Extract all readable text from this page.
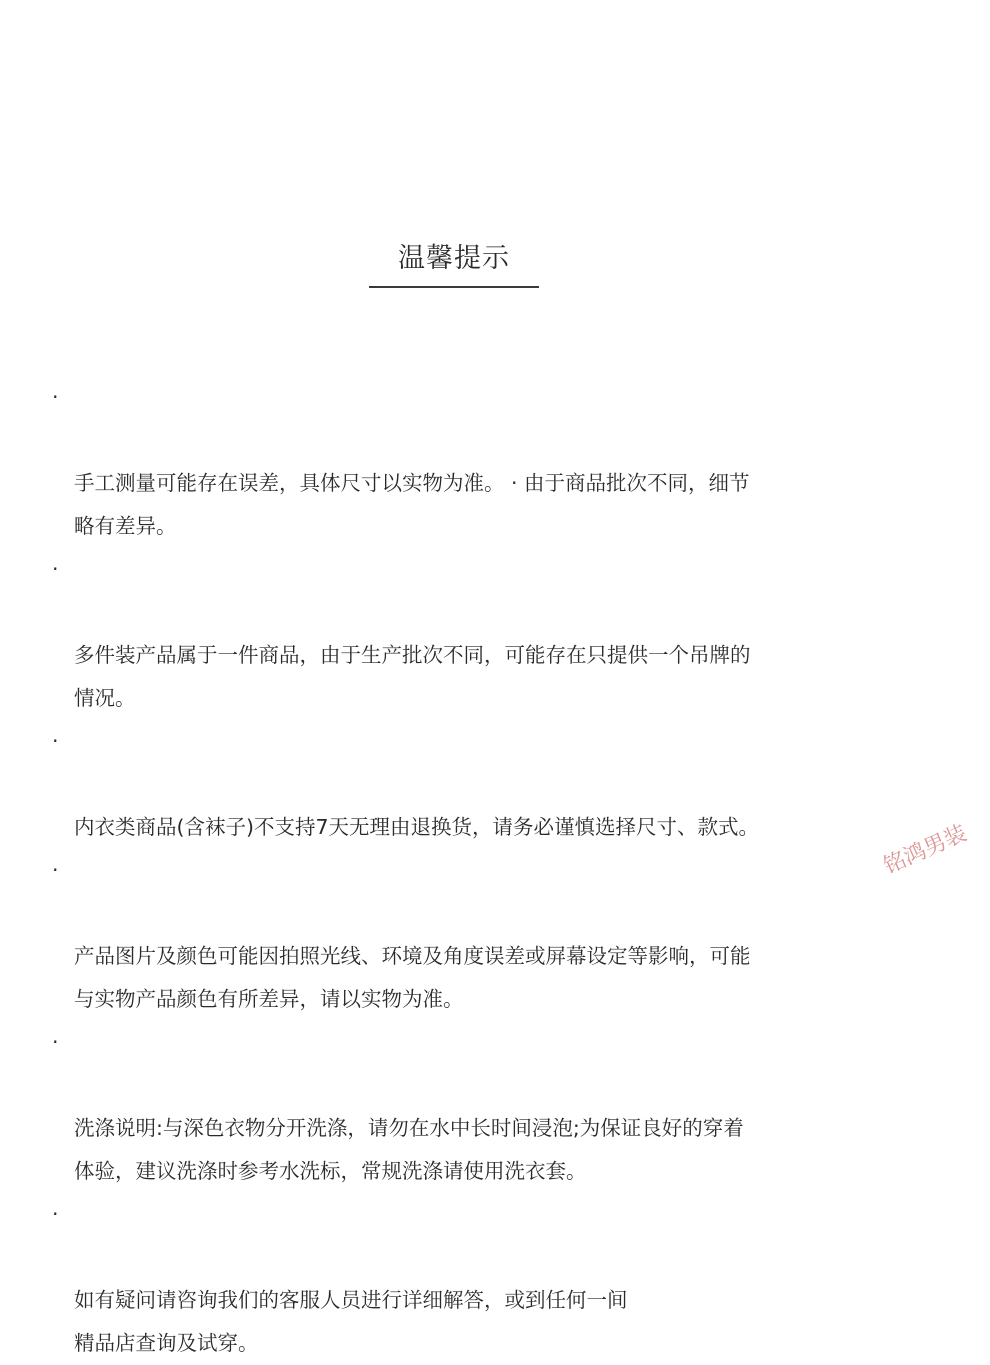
温馨提示

·

手工测量可能存在误差，具体尺寸以实物为准。 · 由于商品批次不同，细节
略有差异。

·

多件装产品属于一件商品，由于生产批次不同，可能存在只提供一个吊牌的
情况。

·

内衣类商品(含袜子)不支持7天无理由退换货，请务必谨慎选择尺寸、款式。

·

产品图片及颜色可能因拍照光线、环境及角度误差或屏幕设定等影响，可能
与实物产品颜色有所差异，请以实物为准。

·

洗涤说明:与深色衣物分开洗涤，请勿在水中长时间浸泡;为保证良好的穿着
体验，建议洗涤时参考水洗标，常规洗涤请使用洗衣套。

·

如有疑问请咨询我们的客服人员进行详细解答，或到任何一间
精品店查询及试穿。

铭鸿男装
